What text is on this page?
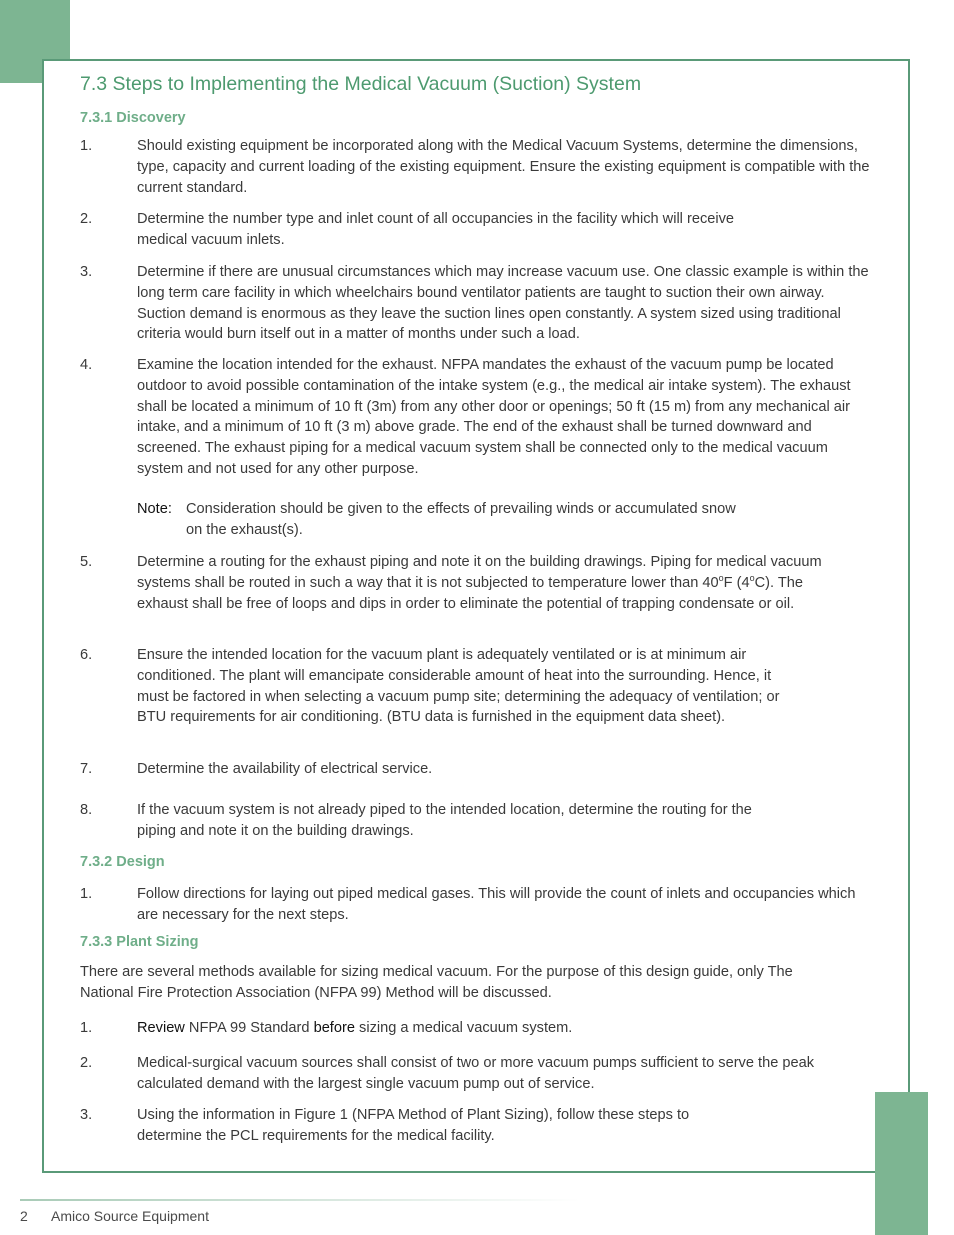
7.3 Steps to Implementing the Medical Vacuum (Suction) System
7.3.1 Discovery
1.	Should existing equipment be incorporated along with the Medical Vacuum Systems, determine the dimensions, type, capacity and current loading of the existing equipment. Ensure the existing equipment is compatible with the current standard.
2.	Determine the number type and inlet count of all occupancies in the facility which will receive medical vacuum inlets.
3.	Determine if there are unusual circumstances which may increase vacuum use. One classic example is within the long term care facility in which wheelchairs bound ventilator patients are taught to suction their own airway. Suction demand is enormous as they leave the suction lines open constantly. A system sized using traditional criteria would burn itself out in a matter of months under such a load.
4.	Examine the location intended for the exhaust. NFPA mandates the exhaust of the vacuum pump be located outdoor to avoid possible contamination of the intake system (e.g., the medical air intake system). The exhaust shall be located a minimum of 10 ft (3m) from any other door or openings; 50 ft (15 m) from any mechanical air intake, and a minimum of 10 ft (3 m) above grade. The end of the exhaust shall be turned downward and screened. The exhaust piping for a medical vacuum system shall be connected only to the medical vacuum system and not used for any other purpose.
Note: Consideration should be given to the effects of prevailing winds or accumulated snow on the exhaust(s).
5.	Determine a routing for the exhaust piping and note it on the building drawings. Piping for medical vacuum systems shall be routed in such a way that it is not subjected to temperature lower than 40$^o$F (4$^o$C). The exhaust shall be free of loops and dips in order to eliminate the potential of trapping condensate or oil.
6.	Ensure the intended location for the vacuum plant is adequately ventilated or is at minimum air conditioned. The plant will emancipate considerable amount of heat into the surrounding. Hence, it must be factored in when selecting a vacuum pump site; determining the adequacy of ventilation; or BTU requirements for air conditioning. (BTU data is furnished in the equipment data sheet).
7.	Determine the availability of electrical service.
8.	If the vacuum system is not already piped to the intended location, determine the routing for the piping and note it on the building drawings.
7.3.2 Design
1.	Follow directions for laying out piped medical gases. This will provide the count of inlets and occupancies which are necessary for the next steps.
7.3.3 Plant Sizing
There are several methods available for sizing medical vacuum. For the purpose of this design guide, only The National Fire Protection Association (NFPA 99) Method will be discussed.
1.	Review NFPA 99 Standard before sizing a medical vacuum system.
2.	Medical-surgical vacuum sources shall consist of two or more vacuum pumps sufficient to serve the peak calculated demand with the largest single vacuum pump out of service.
3.	Using the information in Figure 1 (NFPA Method of Plant Sizing), follow these steps to determine the PCL requirements for the medical facility.
2 Amico Source Equipment
